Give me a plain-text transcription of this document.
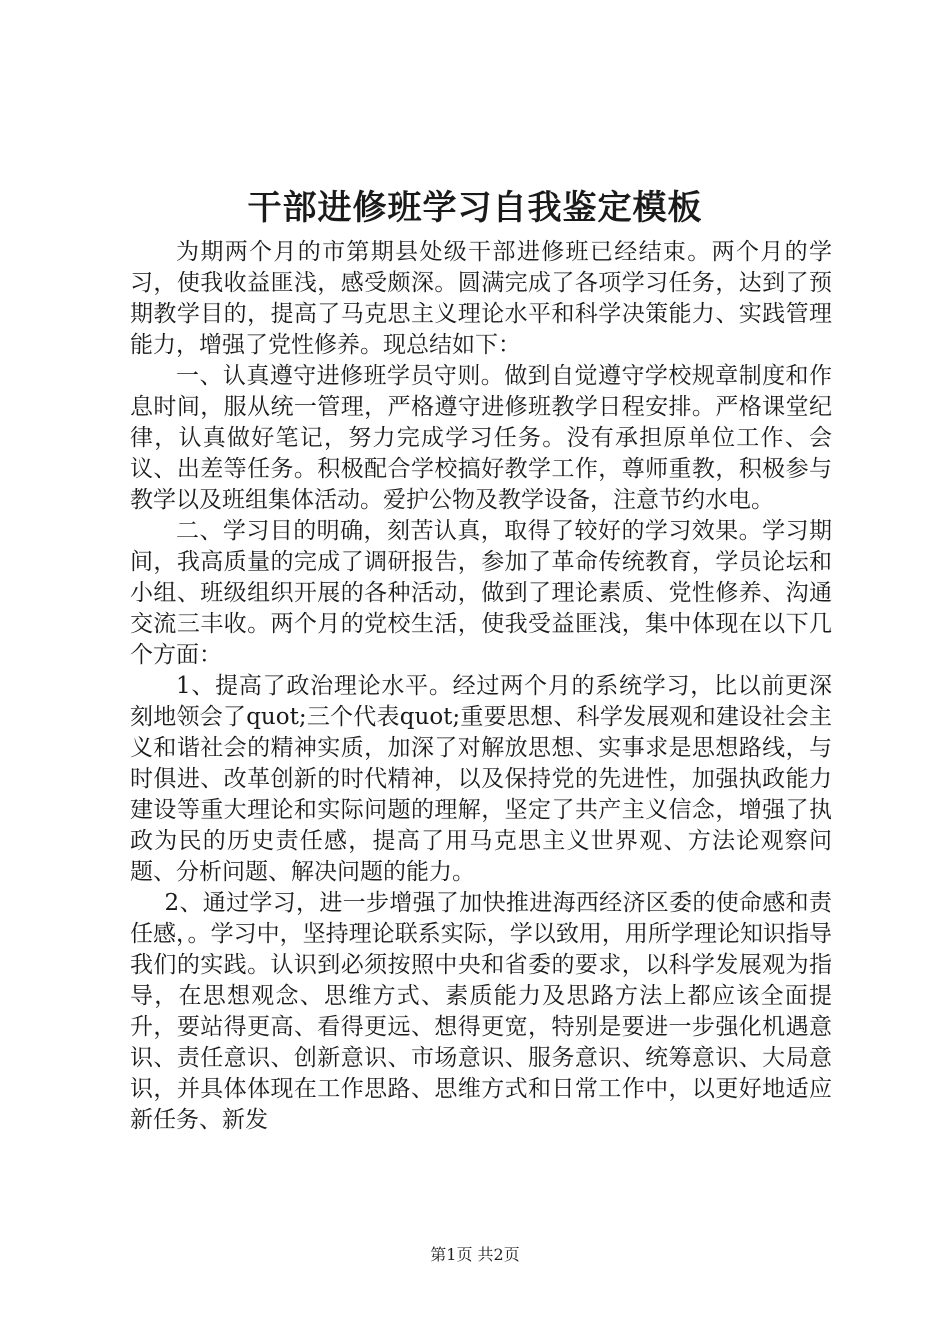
干部进修班学习自我鉴定模板

为期两个月的市第期县处级干部进修班已经结束。两个月的学习，使我收益匪浅，感受颇深。圆满完成了各项学习任务，达到了预期教学目的，提高了马克思主义理论水平和科学决策能力、实践管理能力，增强了党性修养。现总结如下：

一、认真遵守进修班学员守则。做到自觉遵守学校规章制度和作息时间，服从统一管理，严格遵守进修班教学日程安排。严格课堂纪律，认真做好笔记，努力完成学习任务。没有承担原单位工作、会议、出差等任务。积极配合学校搞好教学工作，尊师重教，积极参与教学以及班组集体活动。爱护公物及教学设备，注意节约水电。

二、学习目的明确，刻苦认真，取得了较好的学习效果。学习期间，我高质量的完成了调研报告，参加了革命传统教育，学员论坛和小组、班级组织开展的各种活动，做到了理论素质、党性修养、沟通交流三丰收。两个月的党校生活，使我受益匪浅，集中体现在以下几个方面：

1、提高了政治理论水平。经过两个月的系统学习，比以前更深刻地领会了quot;三个代表quot;重要思想、科学发展观和建设社会主义和谐社会的精神实质，加深了对解放思想、实事求是思想路线，与时俱进、改革创新的时代精神，以及保持党的先进性，加强执政能力建设等重大理论和实际问题的理解，坚定了共产主义信念，增强了执政为民的历史责任感，提高了用马克思主义世界观、方法论观察问题、分析问题、解决问题的能力。

2、通过学习，进一步增强了加快推进海西经济区委的使命感和责任感，。学习中，坚持理论联系实际，学以致用，用所学理论知识指导我们的实践。认识到必须按照中央和省委的要求，以科学发展观为指导，在思想观念、思维方式、素质能力及思路方法上都应该全面提升，要站得更高、看得更远、想得更宽，特别是要进一步强化机遇意识、责任意识、创新意识、市场意识、服务意识、统筹意识、大局意识，并具体体现在工作思路、思维方式和日常工作中，以更好地适应新任务、新发

第1页 共2页
